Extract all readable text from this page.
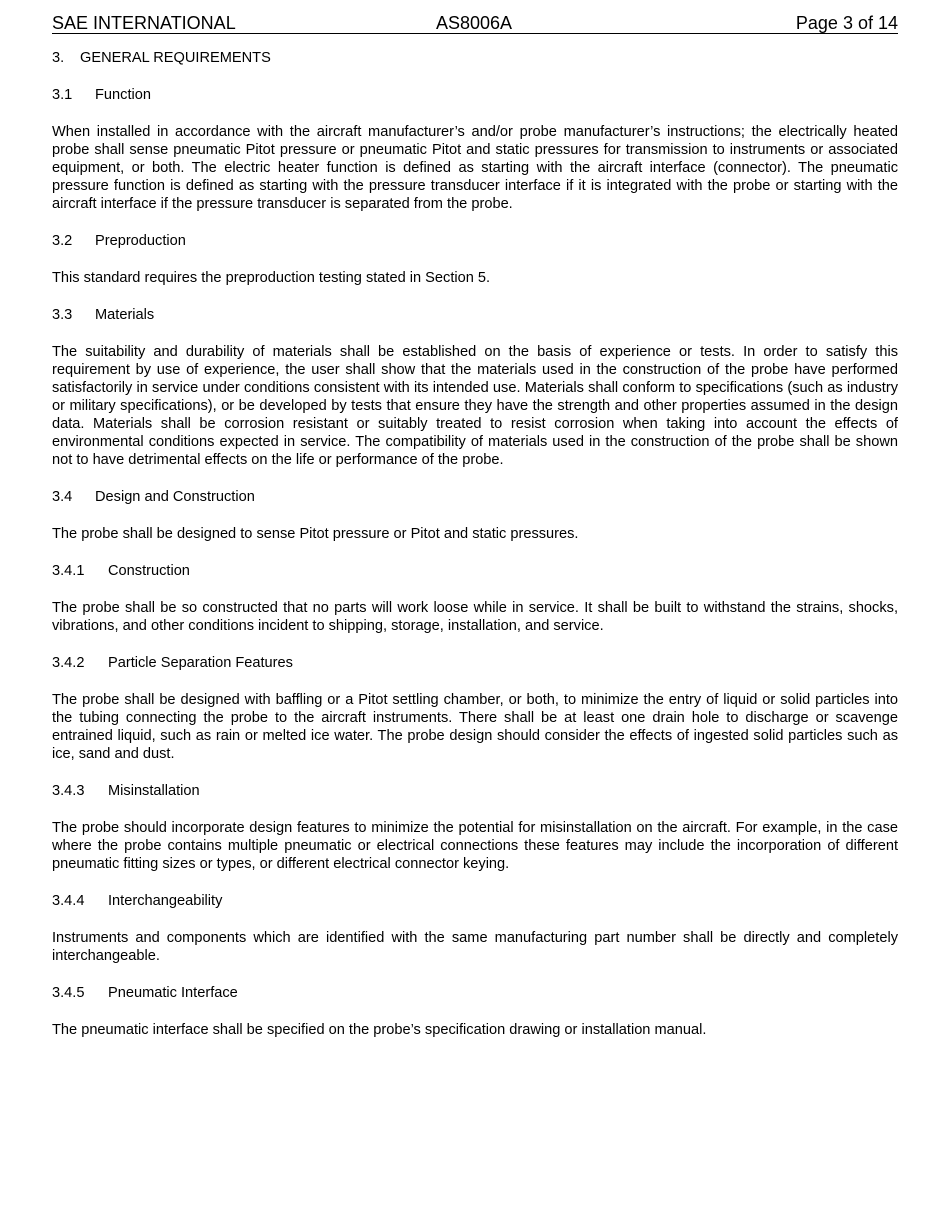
SAE INTERNATIONAL	AS8006A	Page 3 of 14

3. GENERAL REQUIREMENTS

3.1 Function

When installed in accordance with the aircraft manufacturer’s and/or probe manufacturer’s instructions; the electrically heated probe shall sense pneumatic Pitot pressure or pneumatic Pitot and static pressures for transmission to instruments or associated equipment, or both. The electric heater function is defined as starting with the aircraft interface (connector). The pneumatic pressure function is defined as starting with the pressure transducer interface if it is integrated with the probe or starting with the aircraft interface if the pressure transducer is separated from the probe.

3.2 Preproduction

This standard requires the preproduction testing stated in Section 5.

3.3 Materials

The suitability and durability of materials shall be established on the basis of experience or tests. In order to satisfy this requirement by use of experience, the user shall show that the materials used in the construction of the probe have performed satisfactorily in service under conditions consistent with its intended use. Materials shall conform to specifications (such as industry or military specifications), or be developed by tests that ensure they have the strength and other properties assumed in the design data. Materials shall be corrosion resistant or suitably treated to resist corrosion when taking into account the effects of environmental conditions expected in service. The compatibility of materials used in the construction of the probe shall be shown not to have detrimental effects on the life or performance of the probe.

3.4 Design and Construction

The probe shall be designed to sense Pitot pressure or Pitot and static pressures.

3.4.1 Construction

The probe shall be so constructed that no parts will work loose while in service. It shall be built to withstand the strains, shocks, vibrations, and other conditions incident to shipping, storage, installation, and service.

3.4.2 Particle Separation Features

The probe shall be designed with baffling or a Pitot settling chamber, or both, to minimize the entry of liquid or solid particles into the tubing connecting the probe to the aircraft instruments. There shall be at least one drain hole to discharge or scavenge entrained liquid, such as rain or melted ice water. The probe design should consider the effects of ingested solid particles such as ice, sand and dust.

3.4.3 Misinstallation

The probe should incorporate design features to minimize the potential for misinstallation on the aircraft. For example, in the case where the probe contains multiple pneumatic or electrical connections these features may include the incorporation of different pneumatic fitting sizes or types, or different electrical connector keying.

3.4.4 Interchangeability

Instruments and components which are identified with the same manufacturing part number shall be directly and completely interchangeable.

3.4.5 Pneumatic Interface

The pneumatic interface shall be specified on the probe’s specification drawing or installation manual.
